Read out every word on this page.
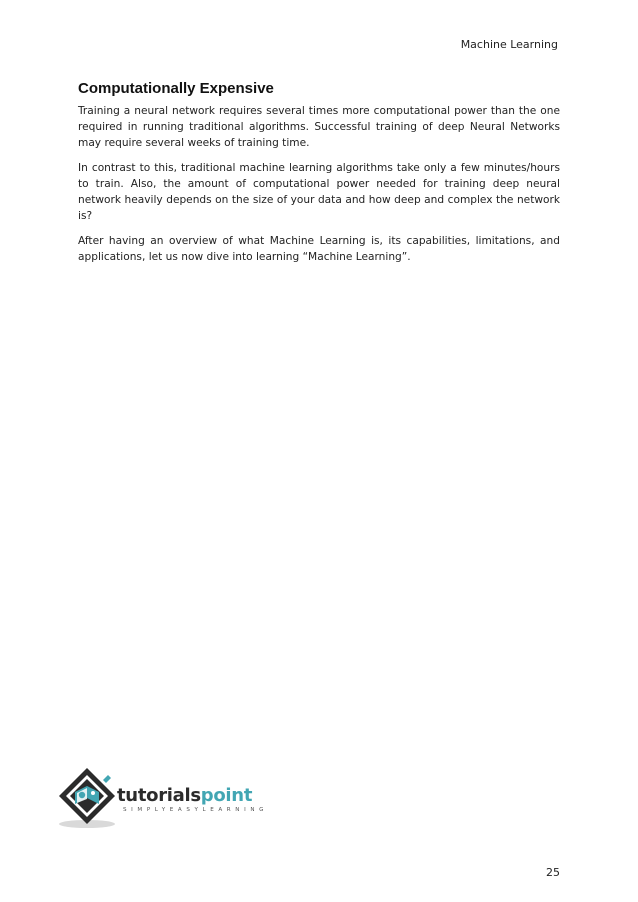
Machine Learning
Computationally Expensive

Training a neural network requires several times more computational power than the one required in running traditional algorithms. Successful training of deep Neural Networks may require several weeks of training time.

In contrast to this, traditional machine learning algorithms take only a few minutes/hours to train. Also, the amount of computational power needed for training deep neural network heavily depends on the size of your data and how deep and complex the network is?

After having an overview of what Machine Learning is, its capabilities, limitations, and applications, let us now dive into learning “Machine Learning”.

tutorialspoint
SIMPLYEASYLEARNING
25
